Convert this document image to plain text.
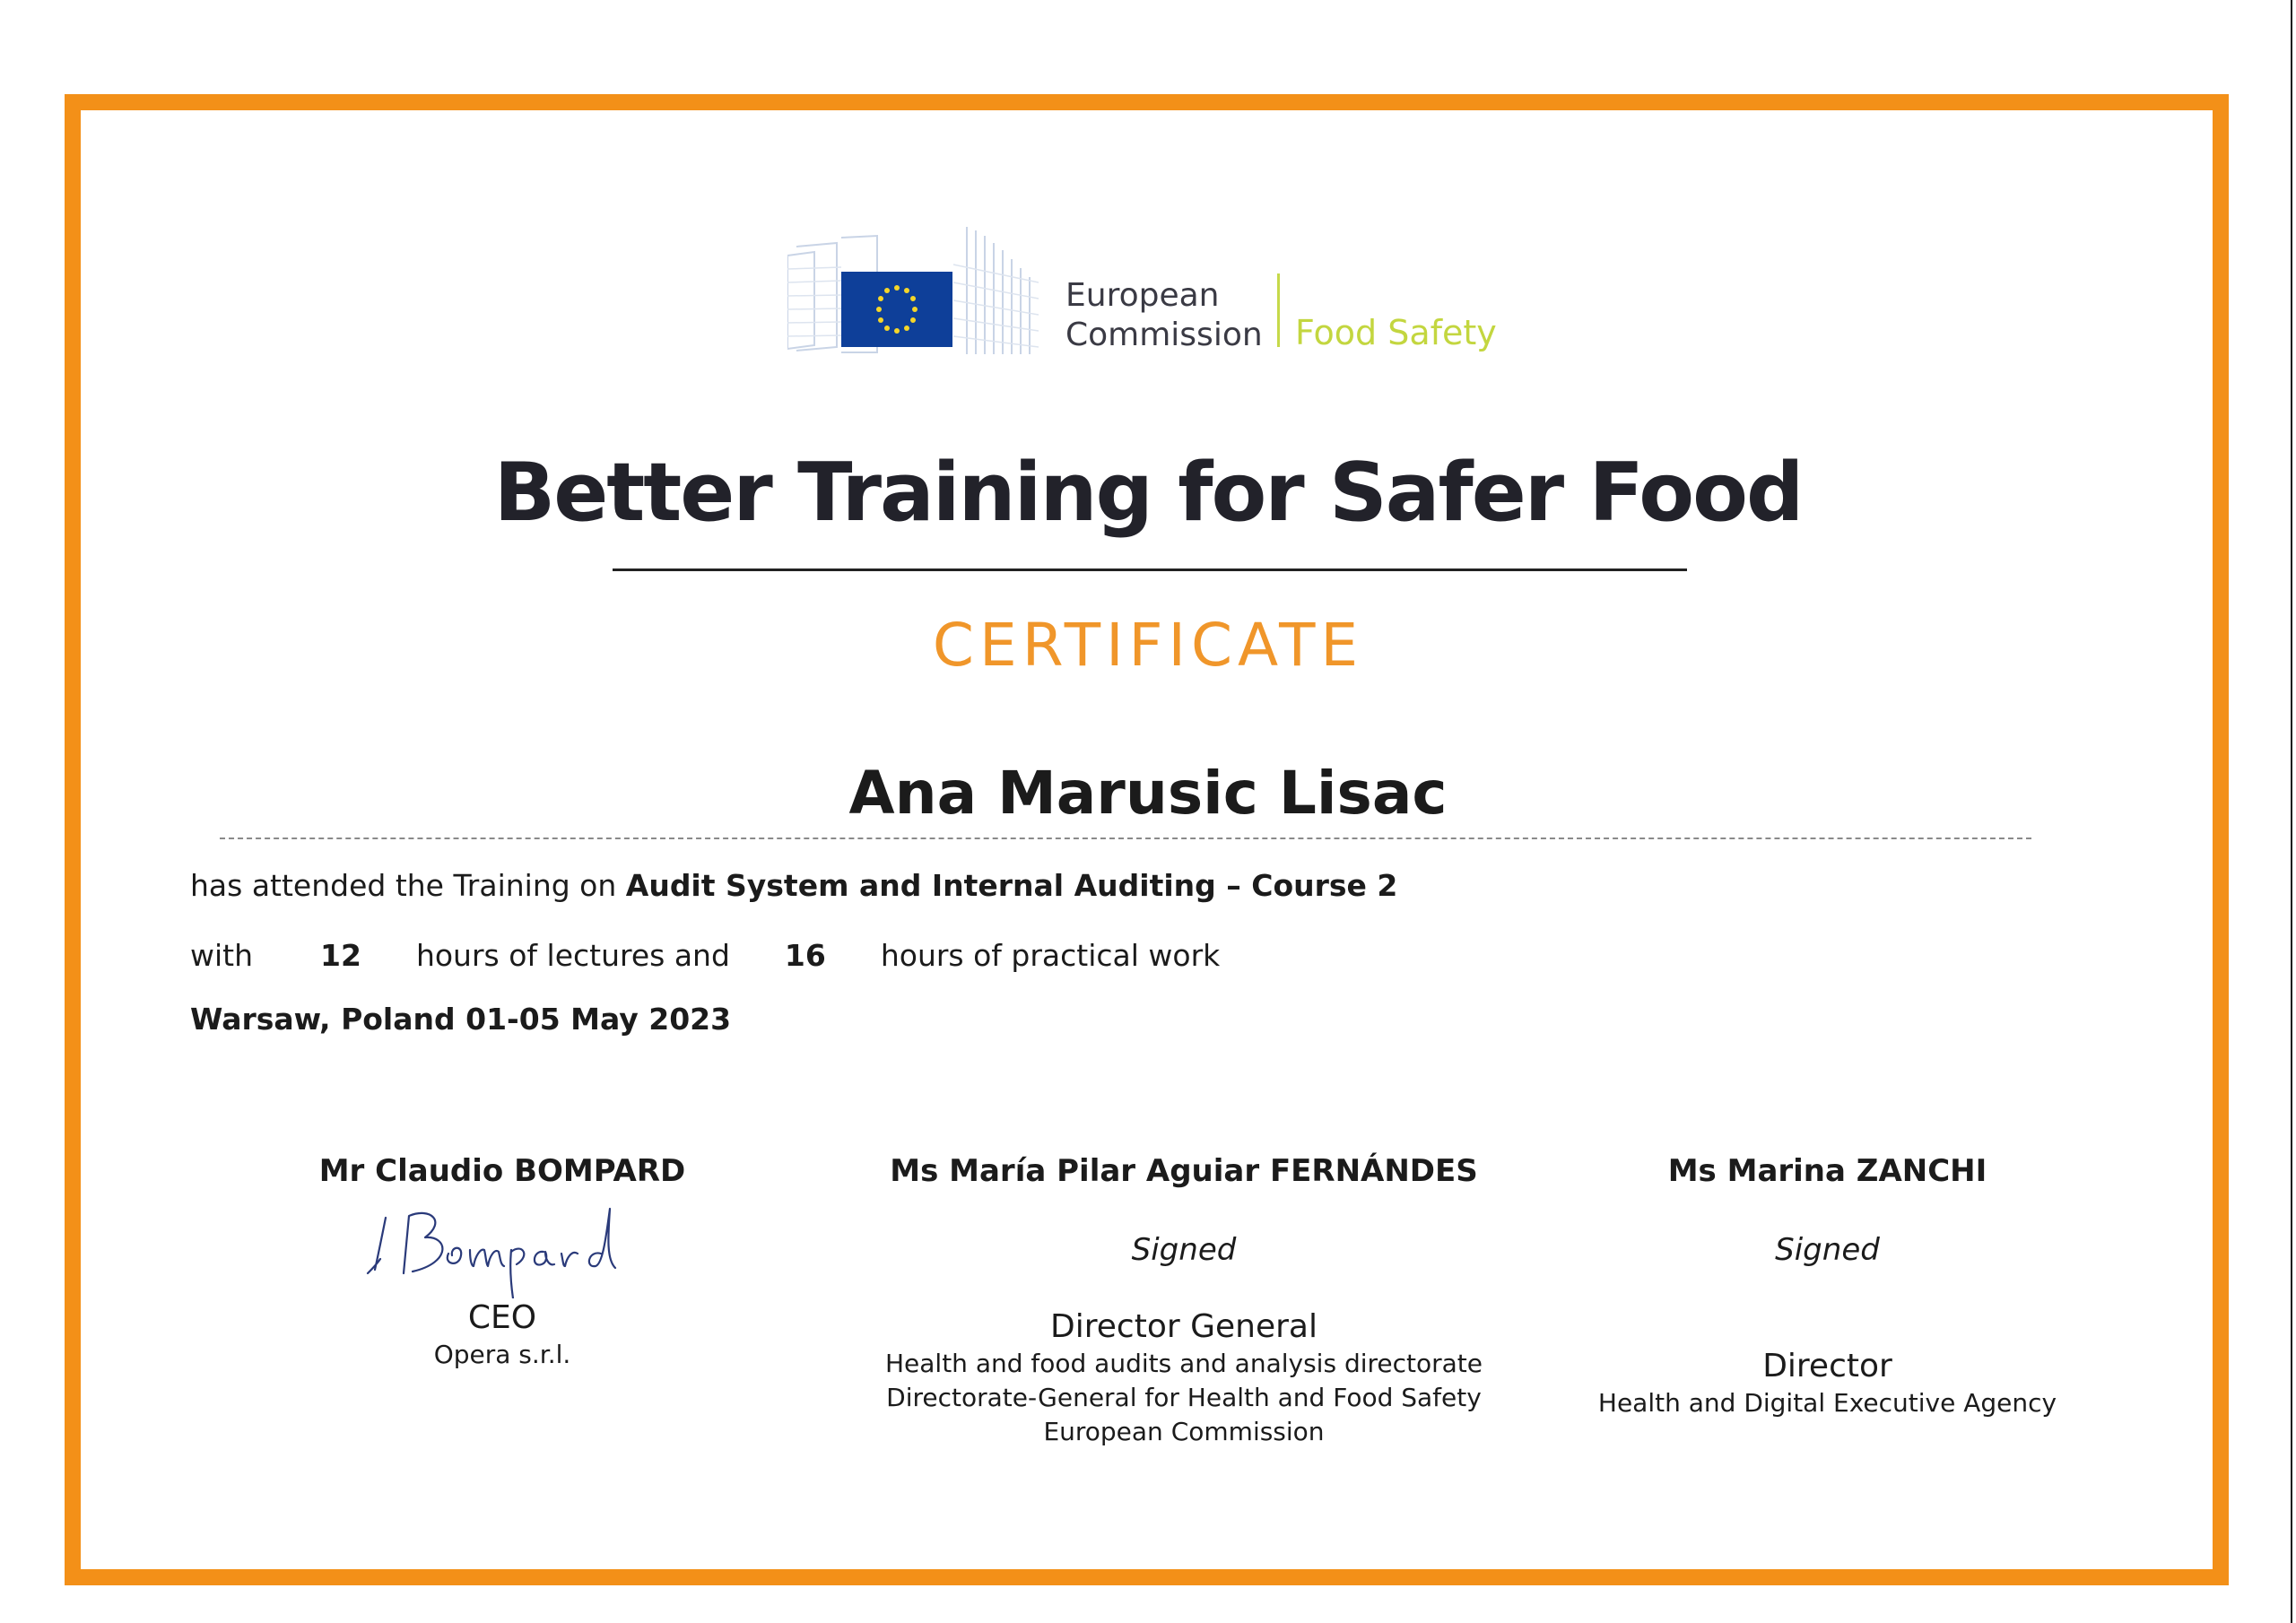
European
Commission Food Safety
Better Training for Safer Food
CERTIFICATE
Ana Marusic Lisac
has attended the Training on Audit System and Internal Auditing – Course 2
with 12 hours of lectures and 16 hours of practical work
Warsaw, Poland 01-05 May 2023
Mr Claudio BOMPARD
CEO
Opera s.r.l.
Ms María Pilar Aguiar FERNÁNDES
Signed
Director General
Health and food audits and analysis directorate
Directorate-General for Health and Food Safety
European Commission
Ms Marina ZANCHI
Signed
Director
Health and Digital Executive Agency
